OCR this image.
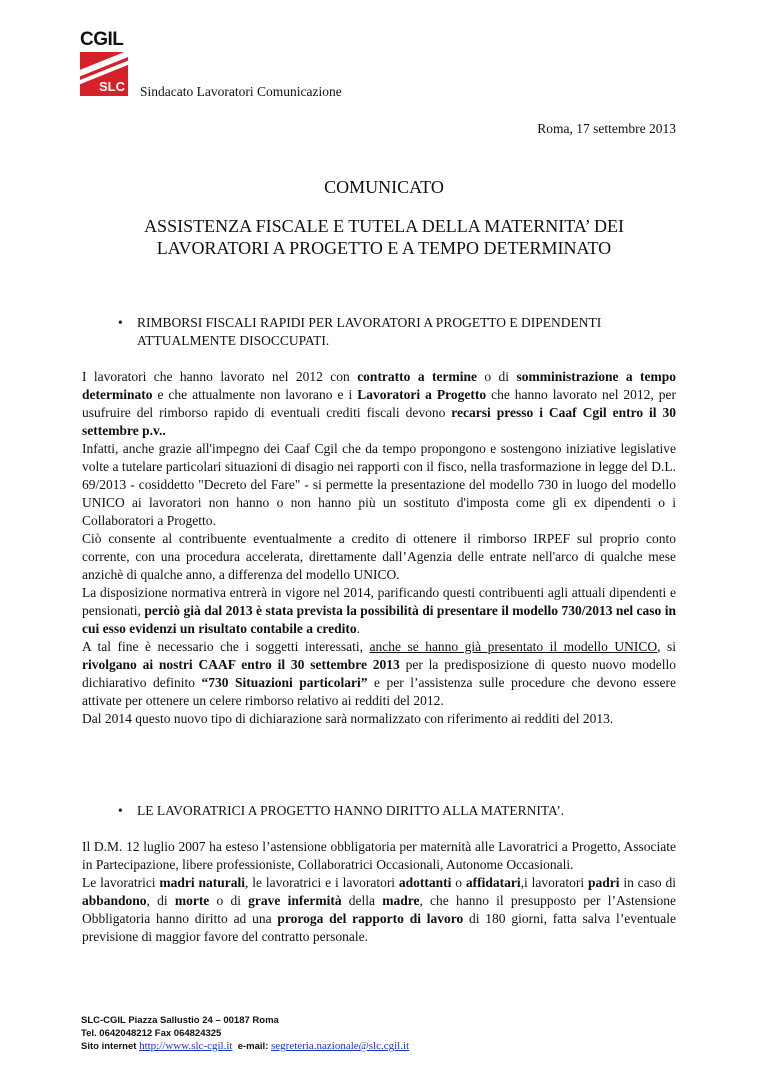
CGIL
SLC Sindacato Lavoratori Comunicazione
Roma, 17 settembre 2013
COMUNICATO
ASSISTENZA FISCALE E TUTELA DELLA MATERNITA’ DEI
LAVORATORI A PROGETTO E A TEMPO DETERMINATO
• RIMBORSI FISCALI RAPIDI PER LAVORATORI A PROGETTO E DIPENDENTI
ATTUALMENTE DISOCCUPATI.

I lavoratori che hanno lavorato nel 2012 con contratto a termine o di somministrazione a tempo determinato e che attualmente non lavorano e i Lavoratori a Progetto che hanno lavorato nel 2012, per usufruire del rimborso rapido di eventuali crediti fiscali devono recarsi presso i Caaf Cgil entro il 30 settembre p.v..

Infatti, anche grazie all'impegno dei Caaf Cgil che da tempo propongono e sostengono iniziative legislative volte a tutelare particolari situazioni di disagio nei rapporti con il fisco, nella trasformazione in legge del D.L. 69/2013 - cosiddetto "Decreto del Fare" - si permette la presentazione del modello 730 in luogo del modello UNICO ai lavoratori non hanno o non hanno più un sostituto d'imposta come gli ex dipendenti o i Collaboratori a Progetto.

Ciò consente al contribuente eventualmente a credito di ottenere il rimborso IRPEF sul proprio conto corrente, con una procedura accelerata, direttamente dall’Agenzia delle entrate nell'arco di qualche mese anzichè di qualche anno, a differenza del modello UNICO.

La disposizione normativa entrerà in vigore nel 2014, parificando questi contribuenti agli attuali dipendenti e pensionati, perciò già dal 2013 è stata prevista la possibilità di presentare il modello 730/2013 nel caso in cui esso evidenzi un risultato contabile a credito.

A tal fine è necessario che i soggetti interessati, anche se hanno già presentato il modello UNICO, si rivolgano ai nostri CAAF entro il 30 settembre 2013 per la predisposizione di questo nuovo modello dichiarativo definito “730 Situazioni particolari” e per l’assistenza sulle procedure che devono essere attivate per ottenere un celere rimborso relativo ai redditi del 2012.

Dal 2014 questo nuovo tipo di dichiarazione sarà normalizzato con riferimento ai redditi del 2013.

• LE LAVORATRICI A PROGETTO HANNO DIRITTO ALLA MATERNITA’.

Il D.M. 12 luglio 2007 ha esteso l’astensione obbligatoria per maternità alle Lavoratrici a Progetto, Associate in Partecipazione, libere professioniste, Collaboratrici Occasionali, Autonome Occasionali.

Le lavoratrici madri naturali, le lavoratrici e i lavoratori adottanti o affidatari,i lavoratori padri in caso di abbandono, di morte o di grave infermità della madre, che hanno il presupposto per l’Astensione Obbligatoria hanno diritto ad una proroga del rapporto di lavoro di 180 giorni, fatta salva l’eventuale previsione di maggior favore del contratto personale.

SLC-CGIL Piazza Sallustio 24 – 00187 Roma
Tel. 0642048212 Fax 064824325
Sito internet http://www.slc-cgil.it  e-mail: segreteria.nazionale@slc.cgil.it
